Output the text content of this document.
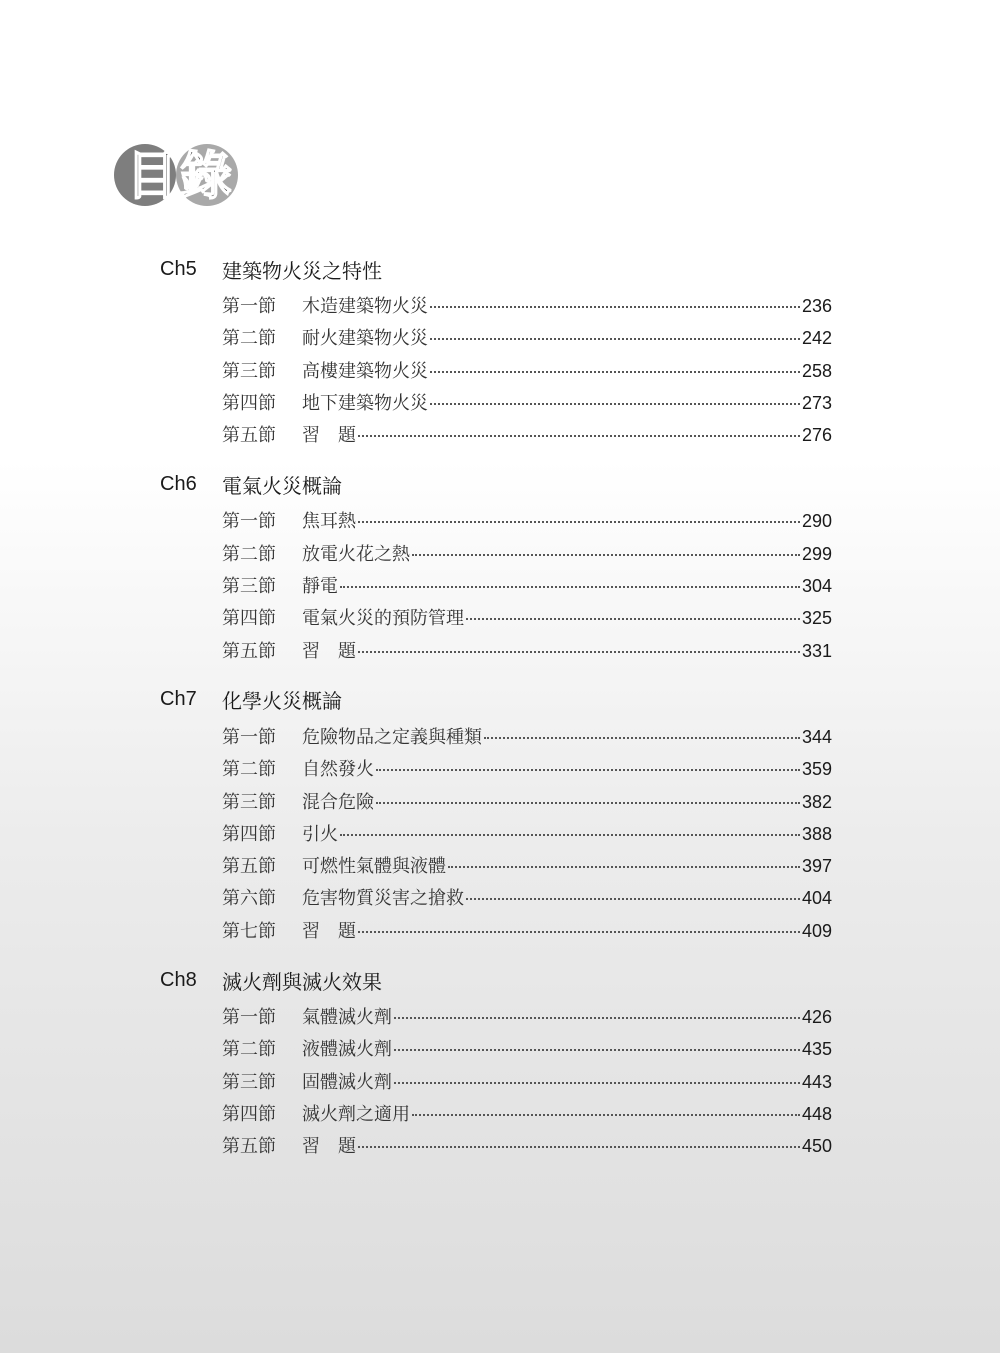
目錄
Ch5	建築物火災之特性
第一節	木造建築物火災	236
第二節	耐火建築物火災	242
第三節	高樓建築物火災	258
第四節	地下建築物火災	273
第五節	習　題	276
Ch6	電氣火災概論
第一節	焦耳熱	290
第二節	放電火花之熱	299
第三節	靜電	304
第四節	電氣火災的預防管理	325
第五節	習　題	331
Ch7	化學火災概論
第一節	危險物品之定義與種類	344
第二節	自然發火	359
第三節	混合危險	382
第四節	引火	388
第五節	可燃性氣體與液體	397
第六節	危害物質災害之搶救	404
第七節	習　題	409
Ch8	滅火劑與滅火效果
第一節	氣體滅火劑	426
第二節	液體滅火劑	435
第三節	固體滅火劑	443
第四節	滅火劑之適用	448
第五節	習　題	450
